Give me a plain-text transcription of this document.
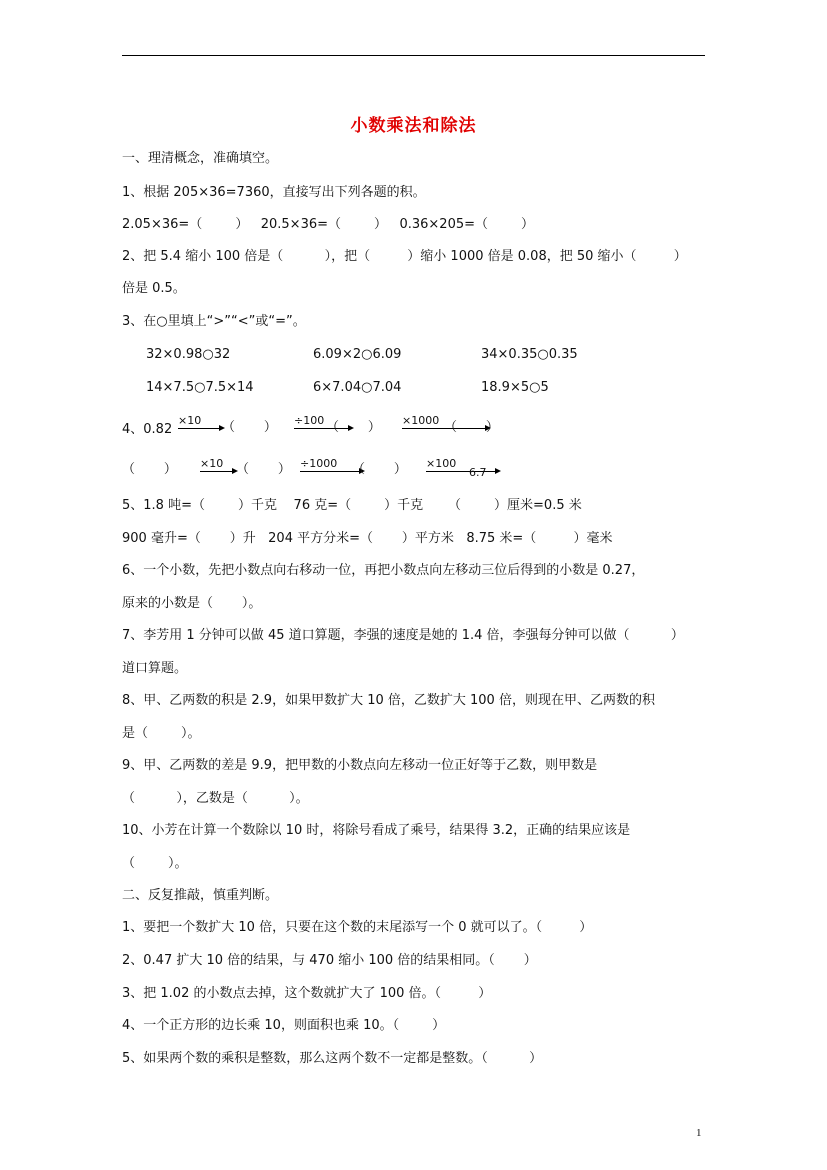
小数乘法和除法
一、理清概念，准确填空。
1、根据 205×36=7360，直接写出下列各题的积。
2.05×36=（        ）   20.5×36=（        ）   0.36×205=（        ）
2、把 5.4 缩小 100 倍是（          ），把（         ）缩小 1000 倍是 0.08，把 50 缩小（         ）
倍是 0.5。
3、在○里填上“>”“<”或“=”。
32×0.98○32	6.09×2○6.09	34×0.35○0.35
14×7.5○7.5×14	6×7.04○7.04	18.9×5○5
4、0.82
×10 （       ） ÷100 （       ） ×1000 （       ）
（       ） ×10 （       ） ÷1000 （       ） ×100
6.7
5、1.8 吨=（        ）千克    76 克=（        ）千克      （        ）厘米=0.5 米
900 毫升=（       ）升   204 平方分米=（       ）平方米   8.75 米=（         ）毫米
6、一个小数，先把小数点向右移动一位，再把小数点向左移动三位后得到的小数是 0.27，
原来的小数是（       ）。
7、李芳用 1 分钟可以做 45 道口算题，李强的速度是她的 1.4 倍，李强每分钟可以做（          ）
道口算题。
8、甲、乙两数的积是 2.9，如果甲数扩大 10 倍，乙数扩大 100 倍，则现在甲、乙两数的积
是（        ）。
9、甲、乙两数的差是 9.9，把甲数的小数点向左移动一位正好等于乙数，则甲数是
（          ），乙数是（          ）。
10、小芳在计算一个数除以 10 时，将除号看成了乘号，结果得 3.2，正确的结果应该是
（        ）。
二、反复推敲，慎重判断。
1、要把一个数扩大 10 倍，只要在这个数的末尾添写一个 0 就可以了。（         ）
2、0.47 扩大 10 倍的结果，与 470 缩小 100 倍的结果相同。（       ）
3、把 1.02 的小数点去掉，这个数就扩大了 100 倍。（         ）
4、一个正方形的边长乘 10，则面积也乘 10。（        ）
5、如果两个数的乘积是整数，那么这两个数不一定都是整数。（          ）
1
